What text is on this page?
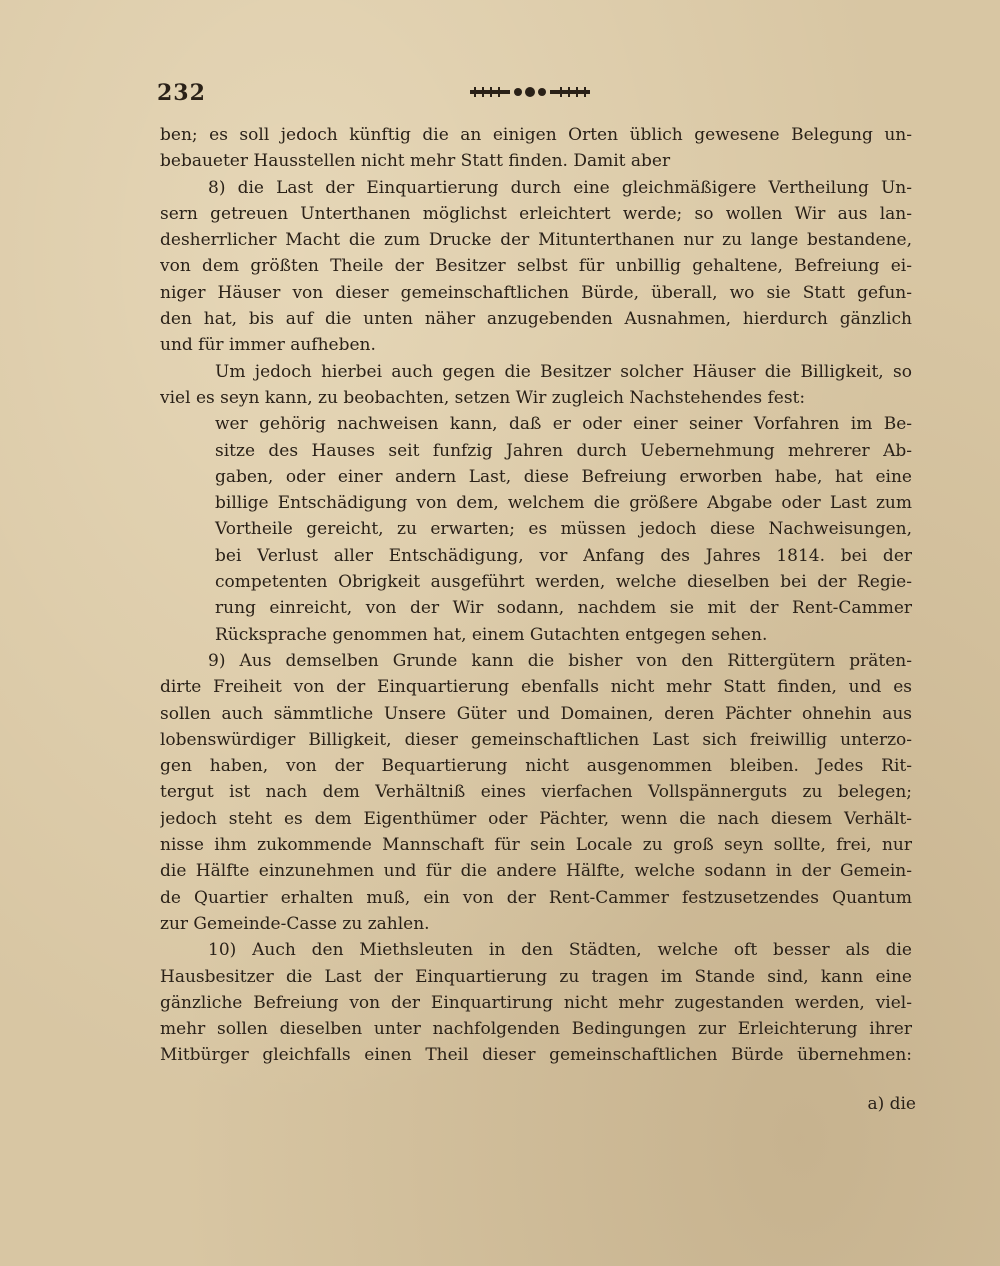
232
ben; es soll jedoch künftig die an einigen Orten üblich gewesene Belegung un-
bebaueter Hausstellen nicht mehr Statt finden. Damit aber
8) die Last der Einquartierung durch eine gleichmäßigere Vertheilung Un-
sern getreuen Unterthanen möglichst erleichtert werde; so wollen Wir aus lan-
desherrlicher Macht die zum Drucke der Mitunterthanen nur zu lange bestandene,
von dem größten Theile der Besitzer selbst für unbillig gehaltene, Befreiung ei-
niger Häuser von dieser gemeinschaftlichen Bürde, überall, wo sie Statt gefun-
den hat, bis auf die unten näher anzugebenden Ausnahmen, hierdurch gänzlich
und für immer aufheben.
Um jedoch hierbei auch gegen die Besitzer solcher Häuser die Billigkeit, so
viel es seyn kann, zu beobachten, setzen Wir zugleich Nachstehendes fest:
wer gehörig nachweisen kann, daß er oder einer seiner Vorfahren im Be-
sitze des Hauses seit funfzig Jahren durch Uebernehmung mehrerer Ab-
gaben, oder einer andern Last, diese Befreiung erworben habe, hat eine
billige Entschädigung von dem, welchem die größere Abgabe oder Last zum
Vortheile gereicht, zu erwarten; es müssen jedoch diese Nachweisungen,
bei Verlust aller Entschädigung, vor Anfang des Jahres 1814. bei der
competenten Obrigkeit ausgeführt werden, welche dieselben bei der Regie-
rung einreicht, von der Wir sodann, nachdem sie mit der Rent-Cammer
Rücksprache genommen hat, einem Gutachten entgegen sehen.
9) Aus demselben Grunde kann die bisher von den Rittergütern präten-
dirte Freiheit von der Einquartierung ebenfalls nicht mehr Statt finden, und es
sollen auch sämmtliche Unsere Güter und Domainen, deren Pächter ohnehin aus
lobenswürdiger Billigkeit, dieser gemeinschaftlichen Last sich freiwillig unterzo-
gen haben, von der Bequartierung nicht ausgenommen bleiben. Jedes Rit-
tergut ist nach dem Verhältniß eines vierfachen Vollspännerguts zu belegen;
jedoch steht es dem Eigenthümer oder Pächter, wenn die nach diesem Verhält-
nisse ihm zukommende Mannschaft für sein Locale zu groß seyn sollte, frei, nur
die Hälfte einzunehmen und für die andere Hälfte, welche sodann in der Gemein-
de Quartier erhalten muß, ein von der Rent-Cammer festzusetzendes Quantum
zur Gemeinde-Casse zu zahlen.
10) Auch den Miethsleuten in den Städten, welche oft besser als die
Hausbesitzer die Last der Einquartierung zu tragen im Stande sind, kann eine
gänzliche Befreiung von der Einquartirung nicht mehr zugestanden werden, viel-
mehr sollen dieselben unter nachfolgenden Bedingungen zur Erleichterung ihrer
Mitbürger gleichfalls einen Theil dieser gemeinschaftlichen Bürde übernehmen:
a) die
